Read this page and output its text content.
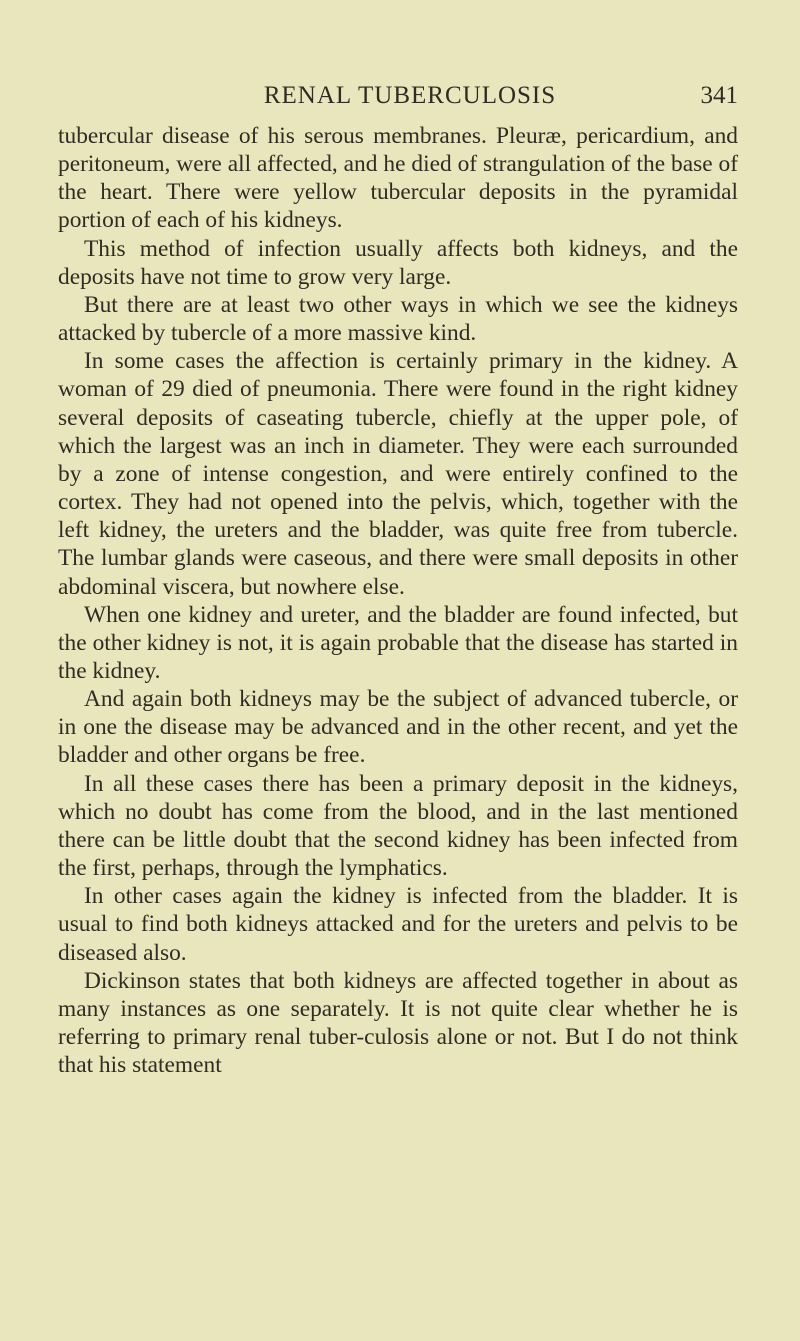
RENAL TUBERCULOSIS	341

tubercular disease of his serous membranes. Pleuræ, pericardium, and peritoneum, were all affected, and he died of strangulation of the base of the heart. There were yellow tubercular deposits in the pyramidal portion of each of his kidneys.

This method of infection usually affects both kidneys, and the deposits have not time to grow very large.

But there are at least two other ways in which we see the kidneys attacked by tubercle of a more massive kind.

In some cases the affection is certainly primary in the kidney. A woman of 29 died of pneumonia. There were found in the right kidney several deposits of caseating tubercle, chiefly at the upper pole, of which the largest was an inch in diameter. They were each surrounded by a zone of intense congestion, and were entirely confined to the cortex. They had not opened into the pelvis, which, together with the left kidney, the ureters and the bladder, was quite free from tubercle. The lumbar glands were caseous, and there were small deposits in other abdominal viscera, but nowhere else.

When one kidney and ureter, and the bladder are found infected, but the other kidney is not, it is again probable that the disease has started in the kidney.

And again both kidneys may be the subject of advanced tubercle, or in one the disease may be advanced and in the other recent, and yet the bladder and other organs be free.

In all these cases there has been a primary deposit in the kidneys, which no doubt has come from the blood, and in the last mentioned there can be little doubt that the second kidney has been infected from the first, perhaps, through the lymphatics.

In other cases again the kidney is infected from the bladder. It is usual to find both kidneys attacked and for the ureters and pelvis to be diseased also.

Dickinson states that both kidneys are affected together in about as many instances as one separately. It is not quite clear whether he is referring to primary renal tuber-culosis alone or not. But I do not think that his statement
